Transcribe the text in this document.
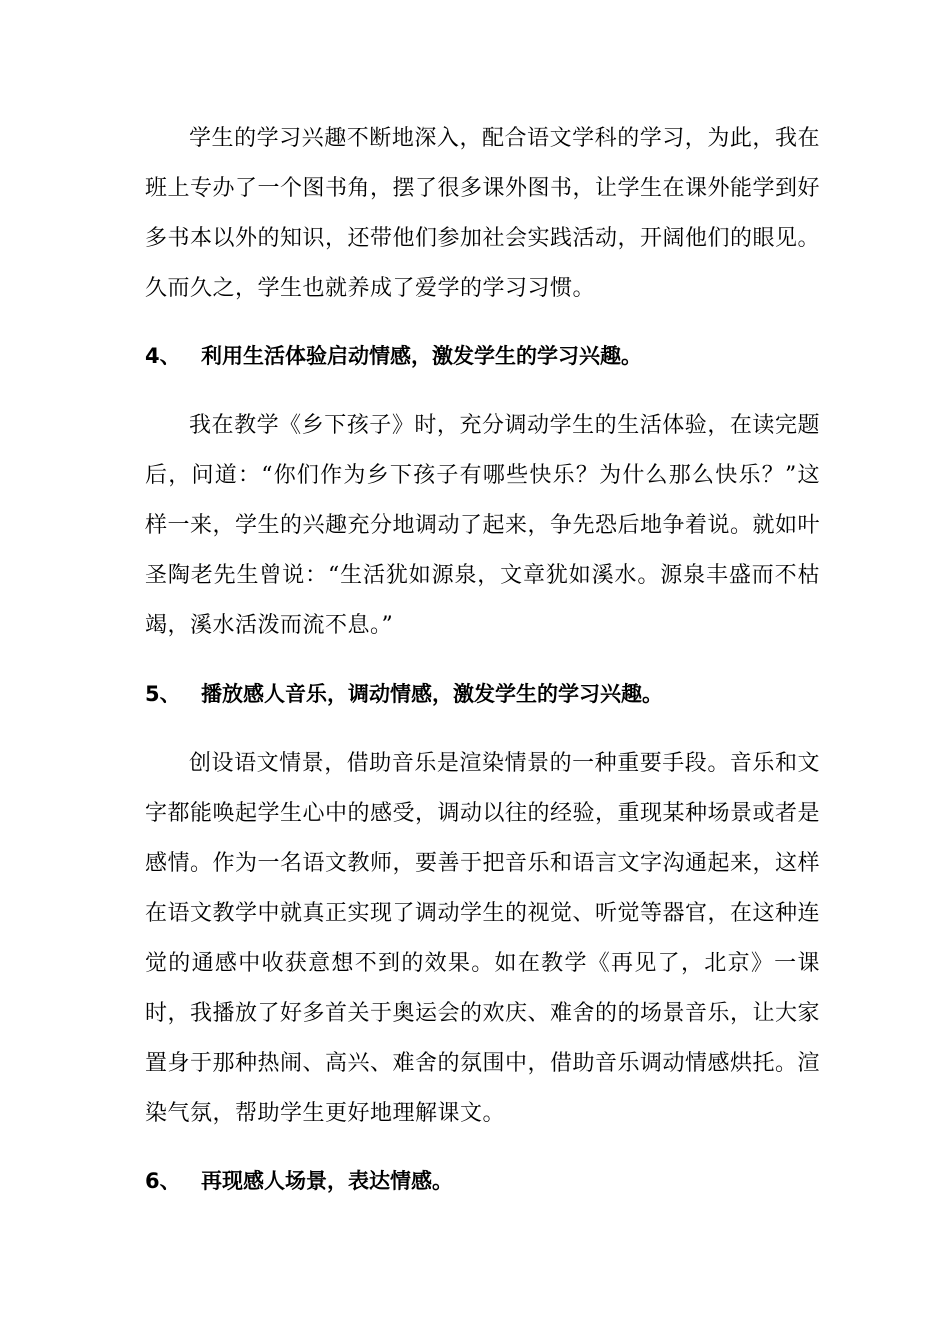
学生的学习兴趣不断地深入，配合语文学科的学习，为此，我在班上专办了一个图书角，摆了很多课外图书，让学生在课外能学到好多书本以外的知识，还带他们参加社会实践活动，开阔他们的眼见。久而久之，学生也就养成了爱学的学习习惯。

4、 利用生活体验启动情感，激发学生的学习兴趣。

我在教学《乡下孩子》时，充分调动学生的生活体验，在读完题后，问道：“你们作为乡下孩子有哪些快乐？为什么那么快乐？”这样一来，学生的兴趣充分地调动了起来，争先恐后地争着说。就如叶圣陶老先生曾说：“生活犹如源泉，文章犹如溪水。源泉丰盛而不枯竭，溪水活泼而流不息。”

5、 播放感人音乐，调动情感，激发学生的学习兴趣。

创设语文情景，借助音乐是渲染情景的一种重要手段。音乐和文字都能唤起学生心中的感受，调动以往的经验，重现某种场景或者是感情。作为一名语文教师，要善于把音乐和语言文字沟通起来，这样在语文教学中就真正实现了调动学生的视觉、听觉等器官，在这种连觉的通感中收获意想不到的效果。如在教学《再见了，北京》一课时，我播放了好多首关于奥运会的欢庆、难舍的的场景音乐，让大家置身于那种热闹、高兴、难舍的氛围中，借助音乐调动情感烘托。渲染气氛，帮助学生更好地理解课文。

6、 再现感人场景，表达情感。
